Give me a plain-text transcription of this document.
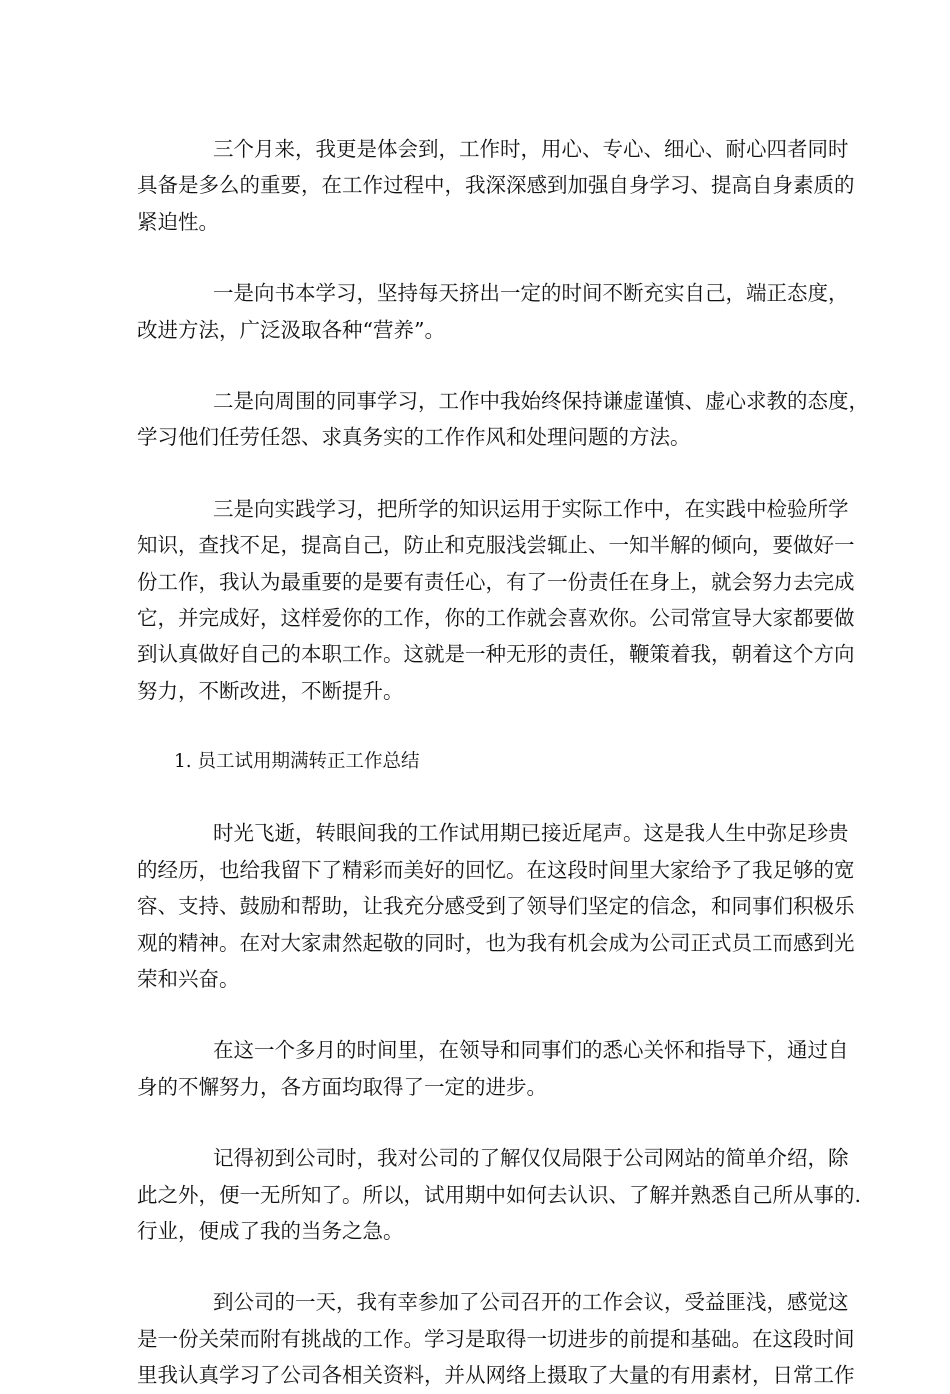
三个月来，我更是体会到，工作时，用心、专心、细心、耐心四者同时
具备是多么的重要，在工作过程中，我深深感到加强自身学习、提高自身素质的
紧迫性。
一是向书本学习，坚持每天挤出一定的时间不断充实自己，端正态度，
改进方法，广泛汲取各种“营养”。
二是向周围的同事学习，工作中我始终保持谦虚谨慎、虚心求教的态度，
学习他们任劳任怨、求真务实的工作作风和处理问题的方法。
三是向实践学习，把所学的知识运用于实际工作中，在实践中检验所学
知识，查找不足，提高自己，防止和克服浅尝辄止、一知半解的倾向，要做好一
份工作，我认为最重要的是要有责任心，有了一份责任在身上，就会努力去完成
它，并完成好，这样爱你的工作，你的工作就会喜欢你。公司常宣导大家都要做
到认真做好自己的本职工作。这就是一种无形的责任，鞭策着我，朝着这个方向
努力，不断改进，不断提升。
1. 员工试用期满转正工作总结
时光飞逝，转眼间我的工作试用期已接近尾声。这是我人生中弥足珍贵
的经历，也给我留下了精彩而美好的回忆。在这段时间里大家给予了我足够的宽
容、支持、鼓励和帮助，让我充分感受到了领导们坚定的信念，和同事们积极乐
观的精神。在对大家肃然起敬的同时，也为我有机会成为公司正式员工而感到光
荣和兴奋。
在这一个多月的时间里，在领导和同事们的悉心关怀和指导下，通过自
身的不懈努力，各方面均取得了一定的进步。
记得初到公司时，我对公司的了解仅仅局限于公司网站的简单介绍，除
此之外，便一无所知了。所以，试用期中如何去认识、了解并熟悉自己所从事的.
行业，便成了我的当务之急。
到公司的一天，我有幸参加了公司召开的工作会议，受益匪浅，感觉这
是一份关荣而附有挑战的工作。学习是取得一切进步的前提和基础。在这段时间
里我认真学习了公司各相关资料，并从网络上摄取了大量的有用素材，日常工作
